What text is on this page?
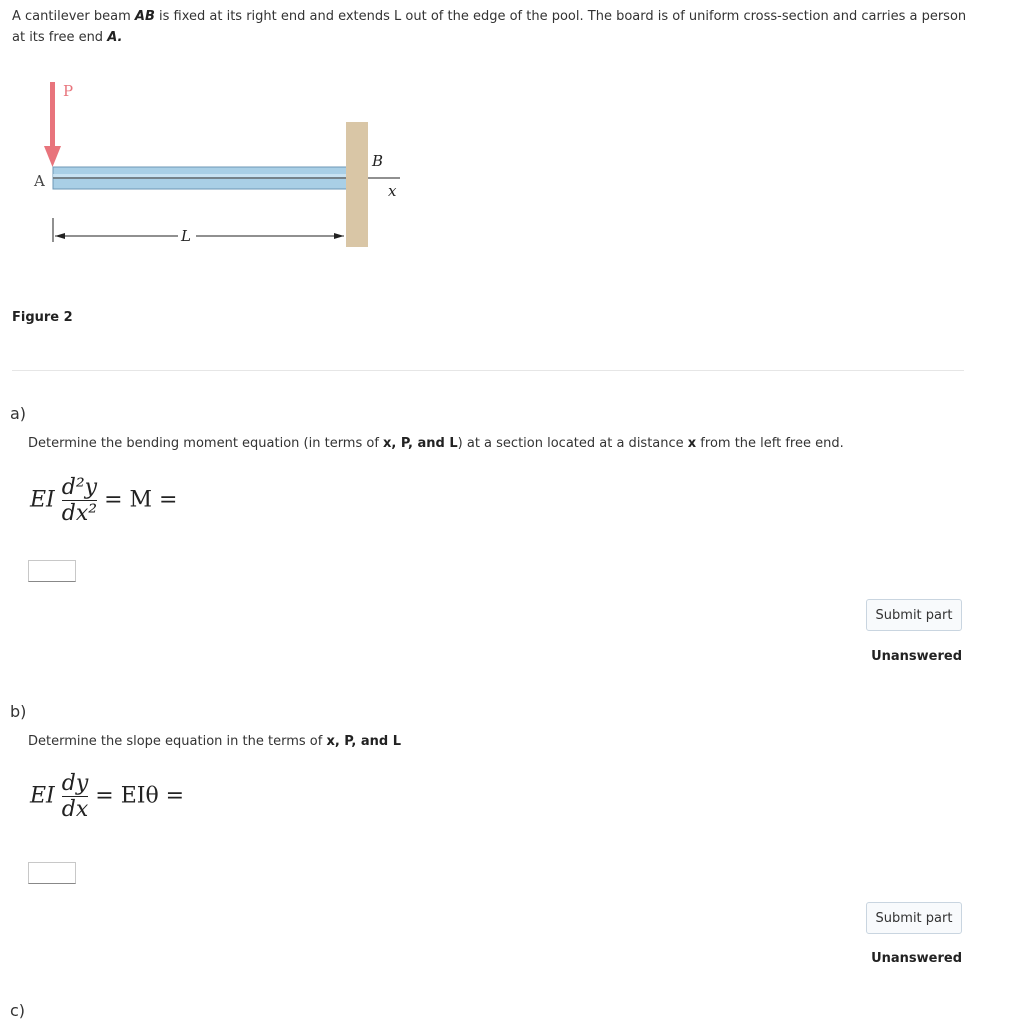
A cantilever beam AB is fixed at its right end and extends L out of the edge of the pool. The board is of uniform cross-section and carries a person at its free end A.
P
A
B
x
L
Figure 2
a)
Determine the bending moment equation (in terms of x, P, and L) at a section located at a distance x from the left free end.
EI $\frac{\text{d²y}}{\text{dx²}} = M$ =
Submit part
Unanswered
b)
Determine the slope equation in the terms of x, P, and L
EI $\frac{dy}{dx} = EI\theta$ =
Submit part
Unanswered
c)
